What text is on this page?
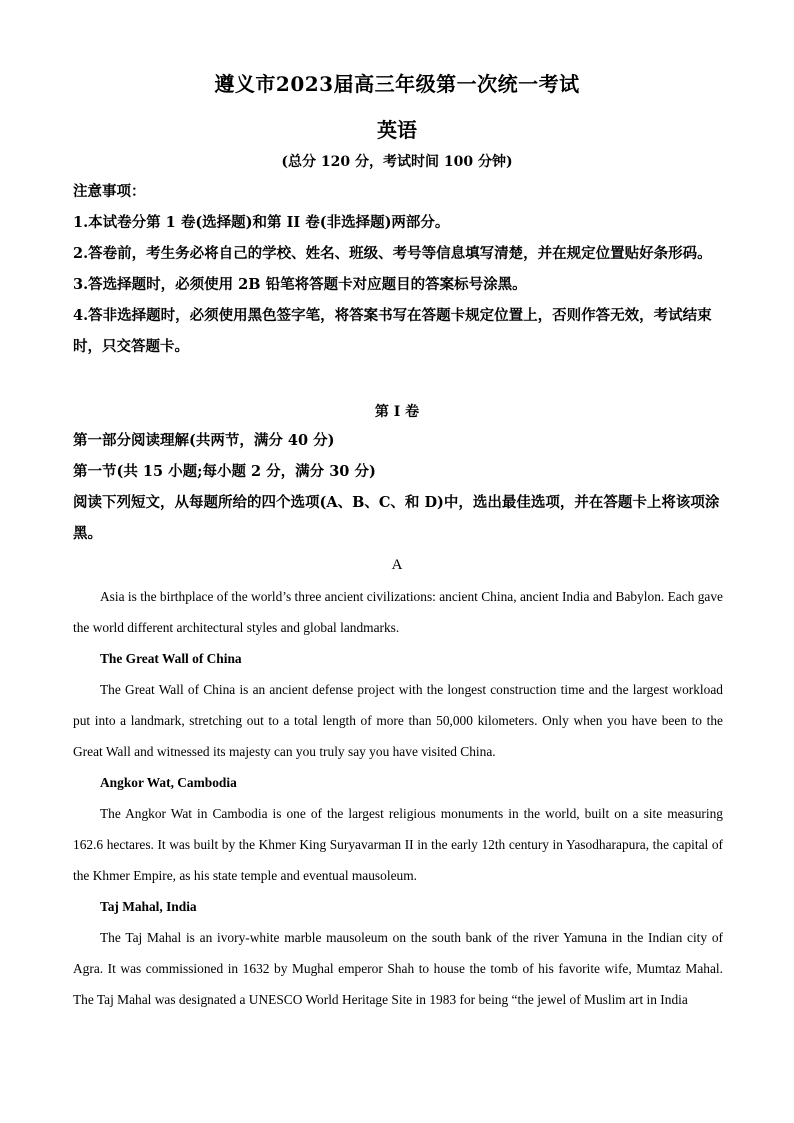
遵义市2023届高三年级第一次统一考试
英语
(总分 120 分，考试时间 100 分钟)

注意事项：

1.本试卷分第 1 卷(选择题)和第 II 卷(非选择题)两部分。

2.答卷前，考生务必将自己的学校、姓名、班级、考号等信息填写清楚，并在规定位置贴好条形码。

3.答选择题时，必须使用 2B 铅笔将答题卡对应题目的答案标号涂黑。

4.答非选择题时，必须使用黑色签字笔，将答案书写在答题卡规定位置上，否则作答无效，考试结束时，只交答题卡。

第 I 卷

第一部分阅读理解(共两节，满分 40 分)

第一节(共 15 小题;每小题 2 分，满分 30 分)

阅读下列短文，从每题所给的四个选项(A、B、C、和 D)中，选出最佳选项，并在答题卡上将该项涂黑。

A

Asia is the birthplace of the world’s three ancient civilizations: ancient China, ancient India and Babylon. Each gave the world different architectural styles and global landmarks.

The Great Wall of China

The Great Wall of China is an ancient defense project with the longest construction time and the largest workload put into a landmark, stretching out to a total length of more than 50,000 kilometers. Only when you have been to the Great Wall and witnessed its majesty can you truly say you have visited China.

Angkor Wat, Cambodia

The Angkor Wat in Cambodia is one of the largest religious monuments in the world, built on a site measuring 162.6 hectares. It was built by the Khmer King Suryavarman II in the early 12th century in Yasodharapura, the capital of the Khmer Empire, as his state temple and eventual mausoleum.

Taj Mahal, India

The Taj Mahal is an ivory-white marble mausoleum on the south bank of the river Yamuna in the Indian city of Agra. It was commissioned in 1632 by Mughal emperor Shah to house the tomb of his favorite wife, Mumtaz Mahal. The Taj Mahal was designated a UNESCO World Heritage Site in 1983 for being “the jewel of Muslim art in India
